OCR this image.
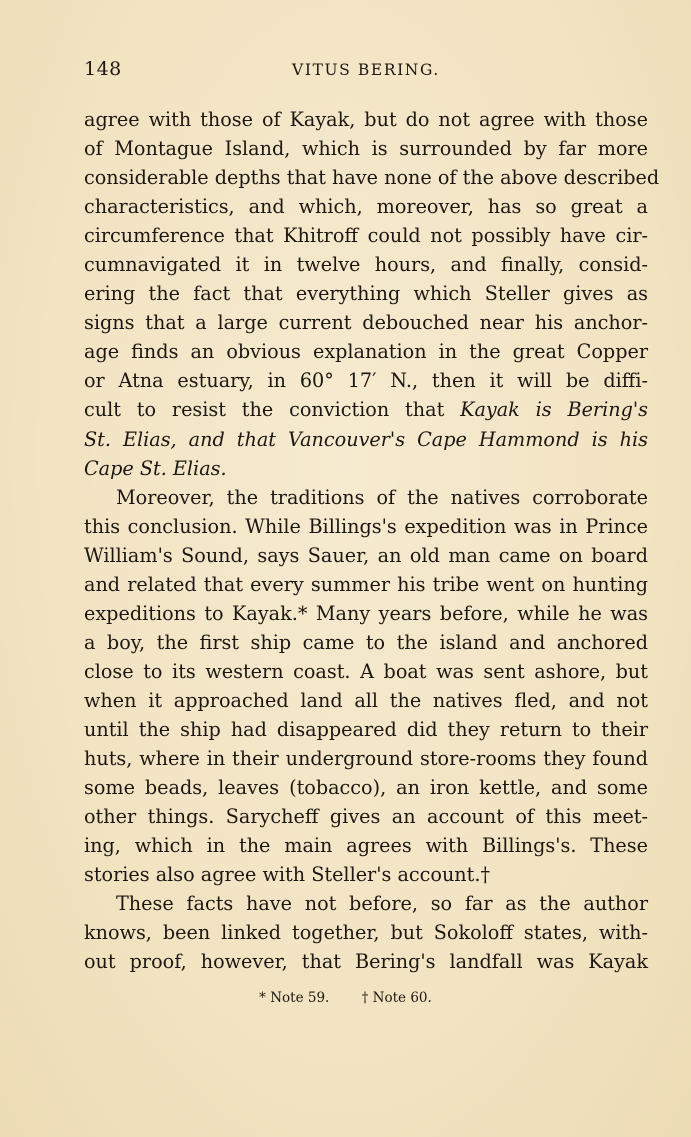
148	VITUS BERING.
agree with those of Kayak, but do not agree with those
of Montague Island, which is surrounded by far more
considerable depths that have none of the above described
characteristics, and which, moreover, has so great a
circumference that Khitroff could not possibly have cir-
cumnavigated it in twelve hours, and finally, consid-
ering the fact that everything which Steller gives as
signs that a large current debouched near his anchor-
age finds an obvious explanation in the great Copper
or Atna estuary, in 60° 17′ N., then it will be diffi-
cult to resist the conviction that Kayak is Bering's
St. Elias, and that Vancouver's Cape Hammond is his
Cape St. Elias.
Moreover, the traditions of the natives corroborate
this conclusion. While Billings's expedition was in Prince
William's Sound, says Sauer, an old man came on board
and related that every summer his tribe went on hunting
expeditions to Kayak.* Many years before, while he was
a boy, the first ship came to the island and anchored
close to its western coast. A boat was sent ashore, but
when it approached land all the natives fled, and not
until the ship had disappeared did they return to their
huts, where in their underground store-rooms they found
some beads, leaves (tobacco), an iron kettle, and some
other things. Sarycheff gives an account of this meet-
ing, which in the main agrees with Billings's. These
stories also agree with Steller's account.†
These facts have not before, so far as the author
knows, been linked together, but Sokoloff states, with-
out proof, however, that Bering's landfall was Kayak
* Note 59. † Note 60.
